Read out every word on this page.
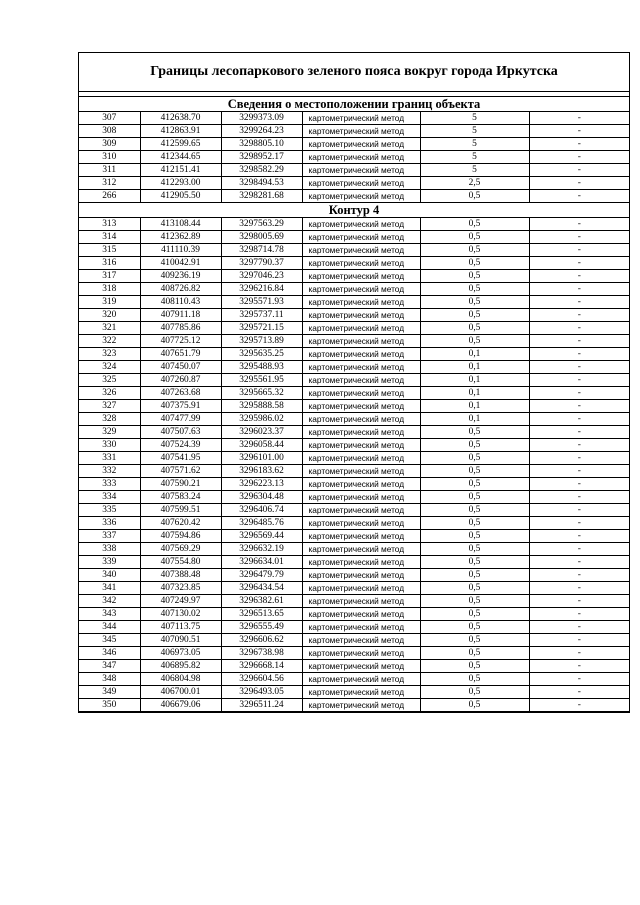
Границы лесопаркового зеленого пояса вокруг города Иркутска
Сведения о местоположении границ объекта					
307	412638.70	3299373.09	картометрический метод	5	-
308	412863.91	3299264.23	картометрический метод	5	-
309	412599.65	3298805.10	картометрический метод	5	-
310	412344.65	3298952.17	картометрический метод	5	-
311	412151.41	3298582.29	картометрический метод	5	-
312	412293.00	3298494.53	картометрический метод	2,5	-
266	412905.50	3298281.68	картометрический метод	0,5	-
Контур 4					
313	413108.44	3297563.29	картометрический метод	0,5	-
314	412362.89	3298005.69	картометрический метод	0,5	-
315	411110.39	3298714.78	картометрический метод	0,5	-
316	410042.91	3297790.37	картометрический метод	0,5	-
317	409236.19	3297046.23	картометрический метод	0,5	-
318	408726.82	3296216.84	картометрический метод	0,5	-
319	408110.43	3295571.93	картометрический метод	0,5	-
320	407911.18	3295737.11	картометрический метод	0,5	-
321	407785.86	3295721.15	картометрический метод	0,5	-
322	407725.12	3295713.89	картометрический метод	0,5	-
323	407651.79	3295635.25	картометрический метод	0,1	-
324	407450.07	3295488.93	картометрический метод	0,1	-
325	407260.87	3295561.95	картометрический метод	0,1	-
326	407263.68	3295665.32	картометрический метод	0,1	-
327	407375.91	3295888.58	картометрический метод	0,1	-
328	407477.99	3295986.02	картометрический метод	0,1	-
329	407507.63	3296023.37	картометрический метод	0,5	-
330	407524.39	3296058.44	картометрический метод	0,5	-
331	407541.95	3296101.00	картометрический метод	0,5	-
332	407571.62	3296183.62	картометрический метод	0,5	-
333	407590.21	3296223.13	картометрический метод	0,5	-
334	407583.24	3296304.48	картометрический метод	0,5	-
335	407599.51	3296406.74	картометрический метод	0,5	-
336	407620.42	3296485.76	картометрический метод	0,5	-
337	407594.86	3296569.44	картометрический метод	0,5	-
338	407569.29	3296632.19	картометрический метод	0,5	-
339	407554.80	3296634.01	картометрический метод	0,5	-
340	407388.48	3296479.79	картометрический метод	0,5	-
341	407323.85	3296434.54	картометрический метод	0,5	-
342	407249.97	3296382.61	картометрический метод	0,5	-
343	407130.02	3296513.65	картометрический метод	0,5	-
344	407113.75	3296555.49	картометрический метод	0,5	-
345	407090.51	3296606.62	картометрический метод	0,5	-
346	406973.05	3296738.98	картометрический метод	0,5	-
347	406895.82	3296668.14	картометрический метод	0,5	-
348	406804.98	3296604.56	картометрический метод	0,5	-
349	406700.01	3296493.05	картометрический метод	0,5	-
350	406679.06	3296511.24	картометрический метод	0,5	-
